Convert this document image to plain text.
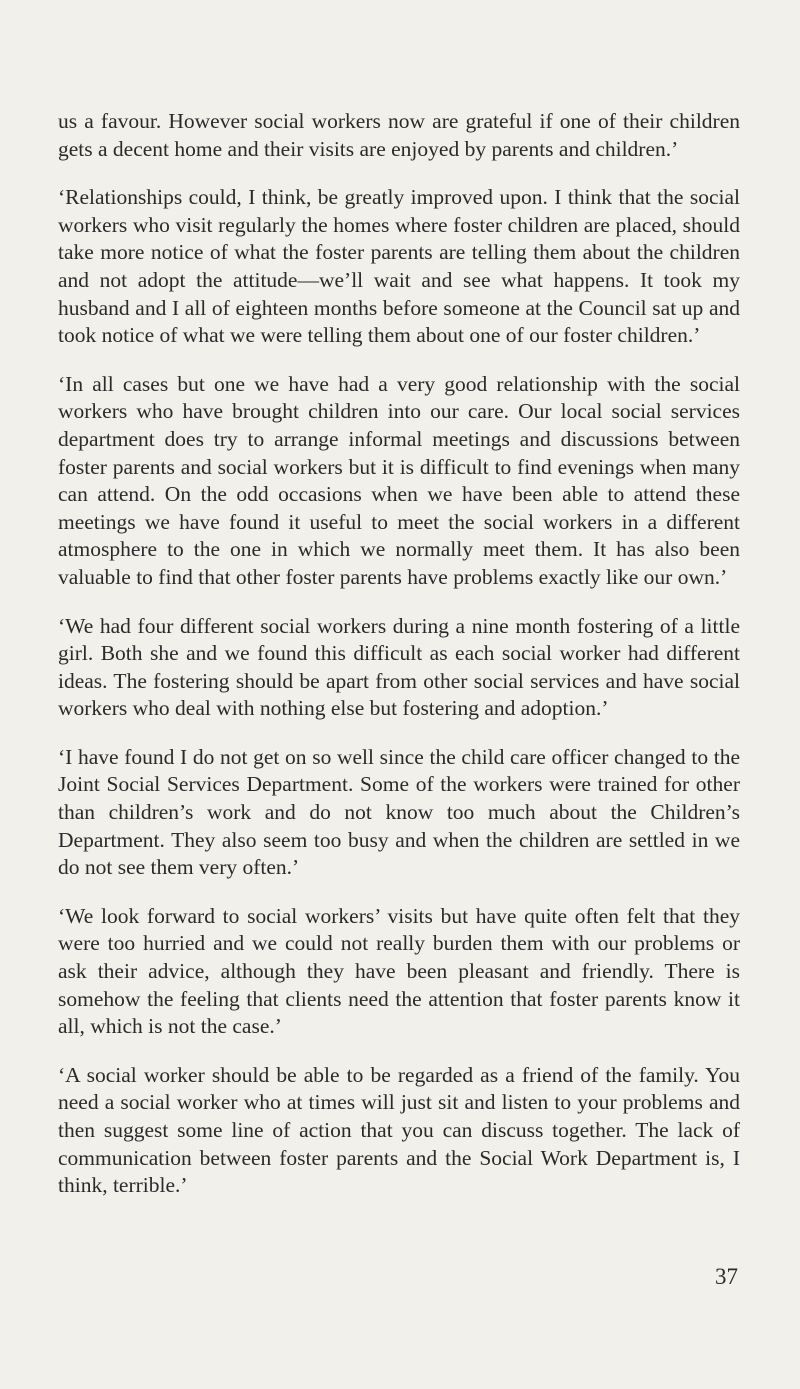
us a favour. However social workers now are grateful if one of their children gets a decent home and their visits are enjoyed by parents and children.’

‘Relationships could, I think, be greatly improved upon. I think that the social workers who visit regularly the homes where foster children are placed, should take more notice of what the foster parents are telling them about the children and not adopt the attitude—we’ll wait and see what happens. It took my husband and I all of eighteen months before someone at the Council sat up and took notice of what we were telling them about one of our foster children.’

‘In all cases but one we have had a very good relationship with the social workers who have brought children into our care. Our local social services department does try to arrange informal meetings and discussions between foster parents and social workers but it is difficult to find evenings when many can attend. On the odd occasions when we have been able to attend these meetings we have found it useful to meet the social workers in a different atmosphere to the one in which we normally meet them. It has also been valuable to find that other foster parents have problems exactly like our own.’

‘We had four different social workers during a nine month fostering of a little girl. Both she and we found this difficult as each social worker had different ideas. The fostering should be apart from other social services and have social workers who deal with nothing else but fostering and adoption.’

‘I have found I do not get on so well since the child care officer changed to the Joint Social Services Department. Some of the workers were trained for other than children’s work and do not know too much about the Children’s Department. They also seem too busy and when the children are settled in we do not see them very often.’

‘We look forward to social workers’ visits but have quite often felt that they were too hurried and we could not really burden them with our problems or ask their advice, although they have been pleasant and friendly. There is somehow the feeling that clients need the attention that foster parents know it all, which is not the case.’

‘A social worker should be able to be regarded as a friend of the family. You need a social worker who at times will just sit and listen to your problems and then suggest some line of action that you can discuss together. The lack of communication between foster parents and the Social Work Department is, I think, terrible.’

37
